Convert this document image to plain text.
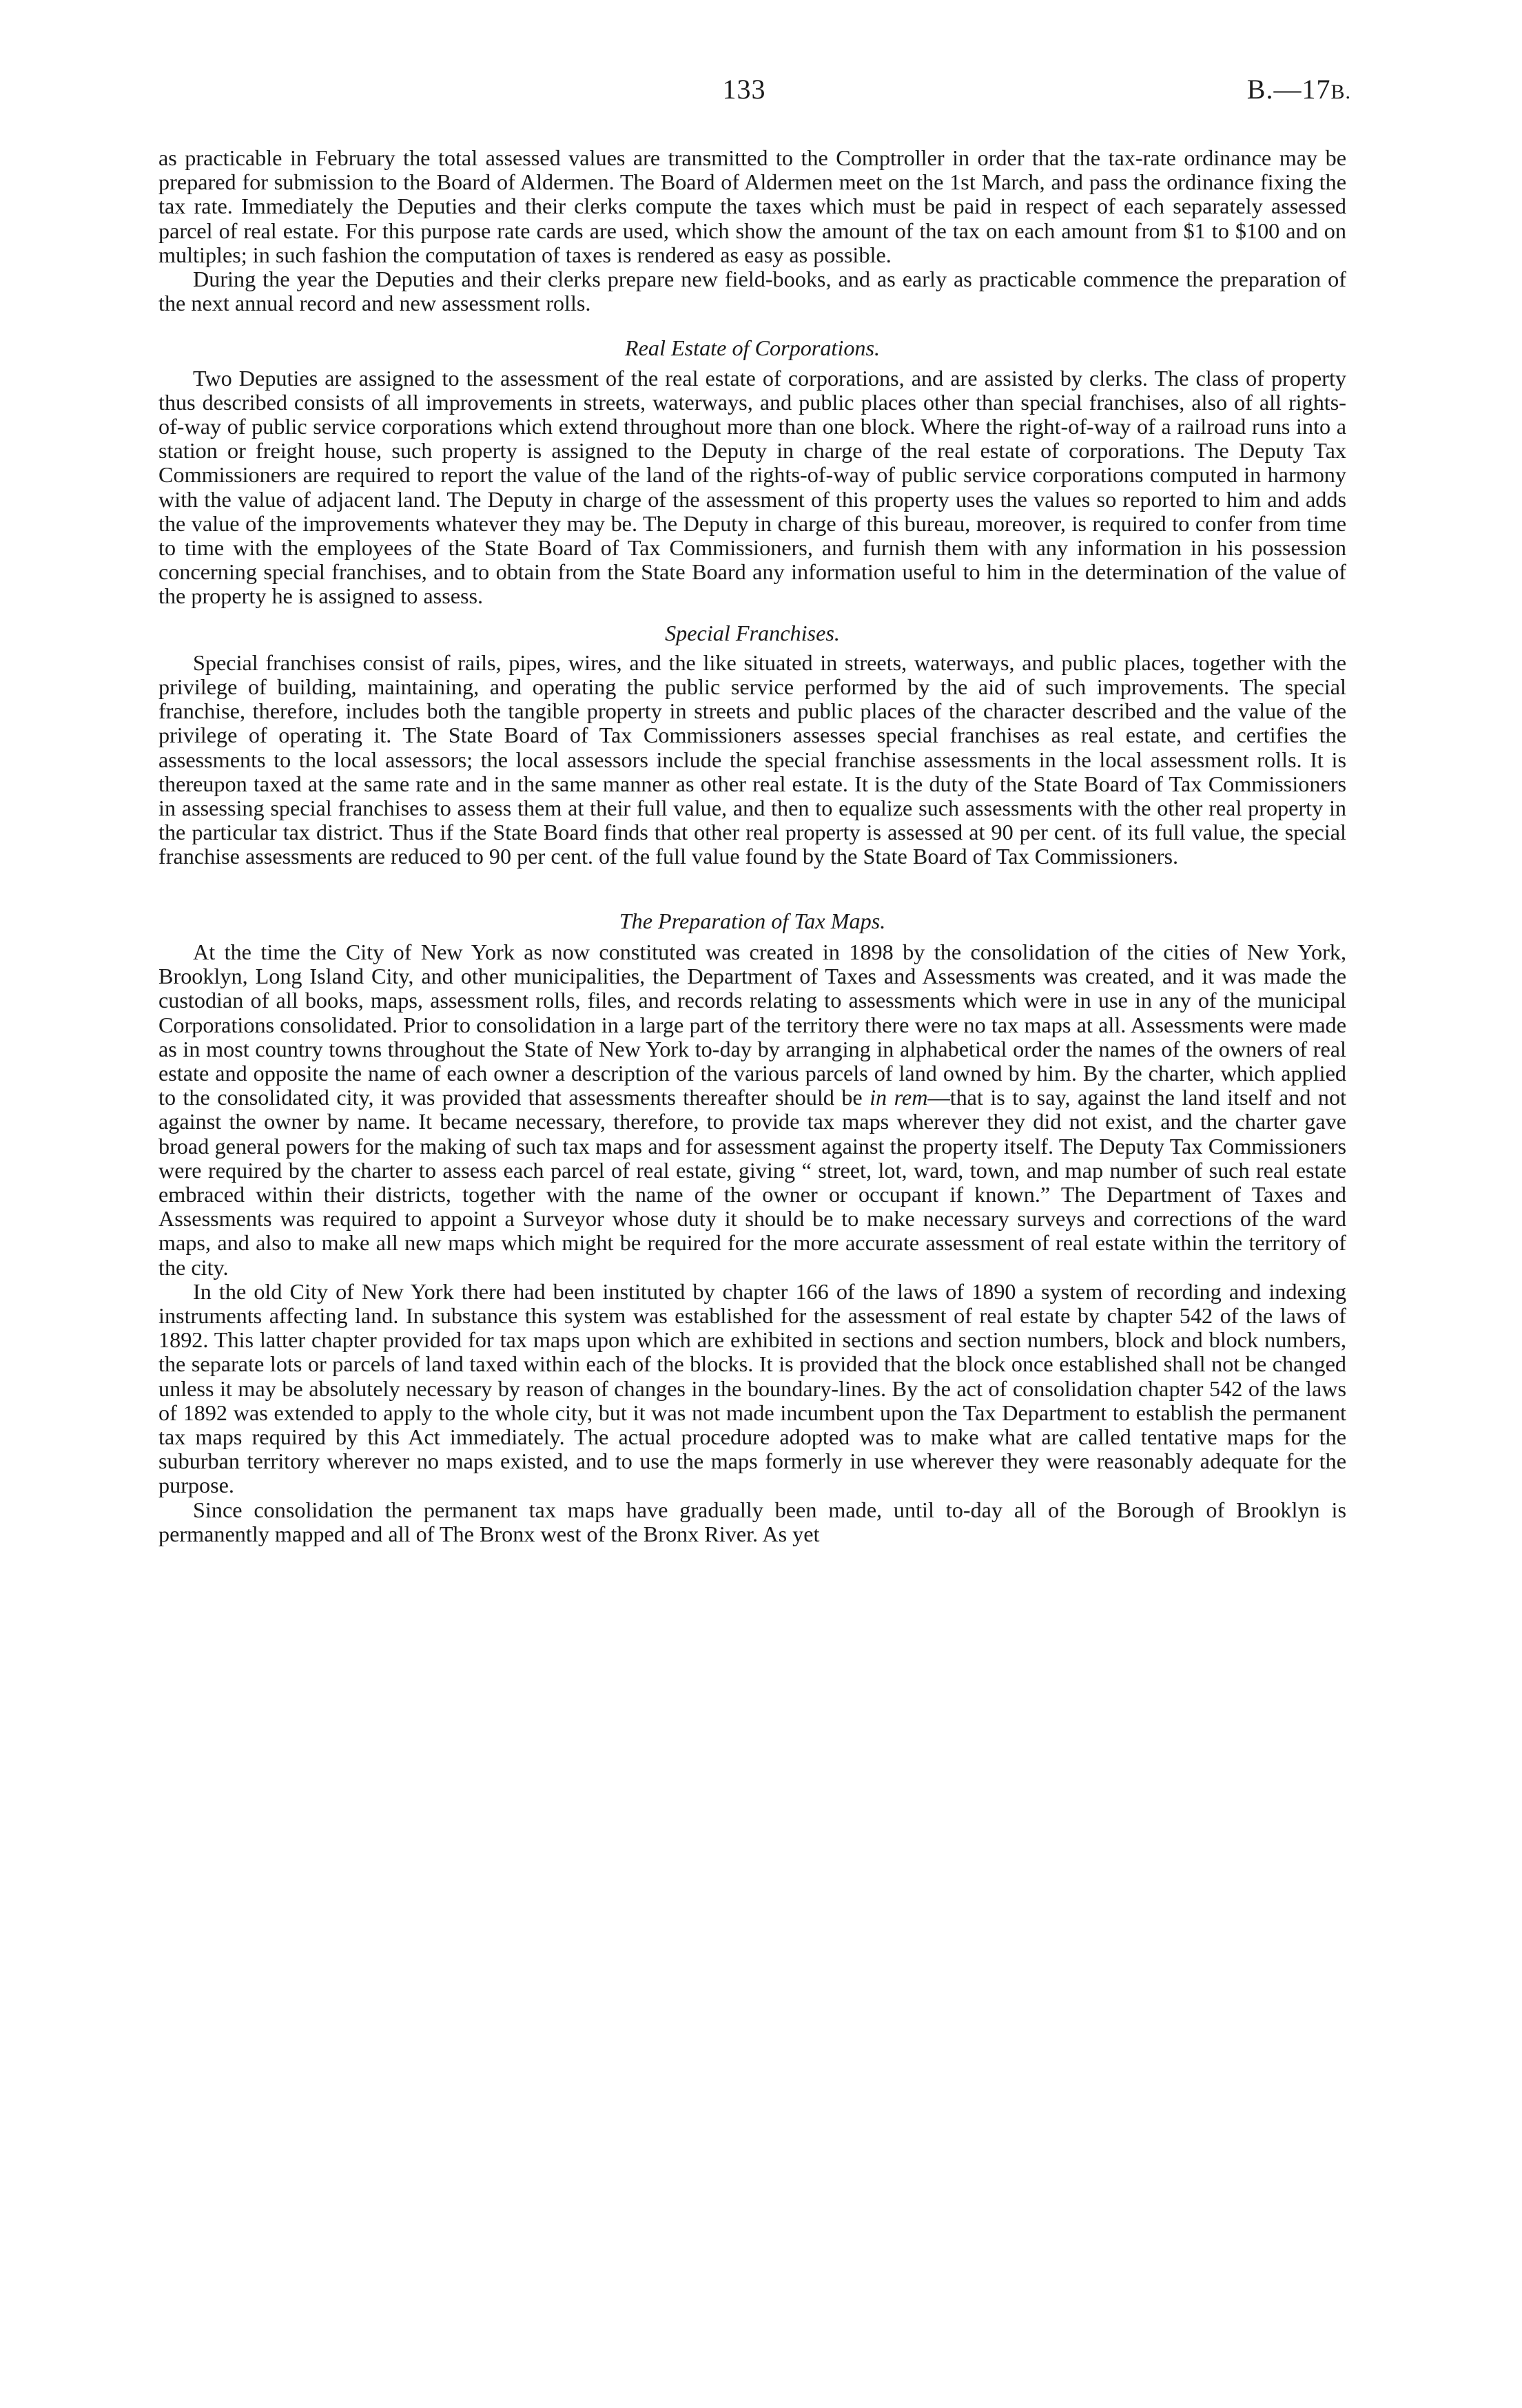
133	B.—17B.

as practicable in February the total assessed values are transmitted to the Comptroller in order that the tax-rate ordinance may be prepared for submission to the Board of Aldermen. The Board of Aldermen meet on the 1st March, and pass the ordinance fixing the tax rate. Immediately the Deputies and their clerks compute the taxes which must be paid in respect of each separately assessed parcel of real estate. For this purpose rate cards are used, which show the amount of the tax on each amount from $1 to $100 and on multiples; in such fashion the computation of taxes is rendered as easy as possible.

During the year the Deputies and their clerks prepare new field-books, and as early as practicable commence the preparation of the next annual record and new assessment rolls.

Real Estate of Corporations.

Two Deputies are assigned to the assessment of the real estate of corporations, and are assisted by clerks. The class of property thus described consists of all improvements in streets, waterways, and public places other than special franchises, also of all rights-of-way of public service corporations which extend throughout more than one block. Where the right-of-way of a railroad runs into a station or freight house, such property is assigned to the Deputy in charge of the real estate of corporations. The Deputy Tax Commissioners are required to report the value of the land of the rights-of-way of public service corporations computed in harmony with the value of adjacent land. The Deputy in charge of the assessment of this property uses the values so reported to him and adds the value of the improvements whatever they may be. The Deputy in charge of this bureau, moreover, is required to confer from time to time with the employees of the State Board of Tax Commissioners, and furnish them with any information in his possession concerning special franchises, and to obtain from the State Board any information useful to him in the determination of the value of the property he is assigned to assess.

Special Franchises.

Special franchises consist of rails, pipes, wires, and the like situated in streets, waterways, and public places, together with the privilege of building, maintaining, and operating the public service performed by the aid of such improvements. The special franchise, therefore, includes both the tangible property in streets and public places of the character described and the value of the privilege of operating it. The State Board of Tax Commissioners assesses special franchises as real estate, and certifies the assessments to the local assessors; the local assessors include the special franchise assessments in the local assessment rolls. It is thereupon taxed at the same rate and in the same manner as other real estate. It is the duty of the State Board of Tax Commissioners in assessing special franchises to assess them at their full value, and then to equalize such assessments with the other real property in the particular tax district. Thus if the State Board finds that other real property is assessed at 90 per cent. of its full value, the special franchise assessments are reduced to 90 per cent. of the full value found by the State Board of Tax Commissioners.

The Preparation of Tax Maps.

At the time the City of New York as now constituted was created in 1898 by the consolidation of the cities of New York, Brooklyn, Long Island City, and other municipalities, the Department of Taxes and Assessments was created, and it was made the custodian of all books, maps, assessment rolls, files, and records relating to assessments which were in use in any of the municipal Corporations consolidated. Prior to consolidation in a large part of the territory there were no tax maps at all. Assessments were made as in most country towns throughout the State of New York to-day by arranging in alphabetical order the names of the owners of real estate and opposite the name of each owner a description of the various parcels of land owned by him. By the charter, which applied to the consolidated city, it was provided that assessments thereafter should be in rem—that is to say, against the land itself and not against the owner by name. It became necessary, therefore, to provide tax maps wherever they did not exist, and the charter gave broad general powers for the making of such tax maps and for assessment against the property itself. The Deputy Tax Commissioners were required by the charter to assess each parcel of real estate, giving “ street, lot, ward, town, and map number of such real estate embraced within their districts, together with the name of the owner or occupant if known.” The Department of Taxes and Assessments was required to appoint a Surveyor whose duty it should be to make necessary surveys and corrections of the ward maps, and also to make all new maps which might be required for the more accurate assessment of real estate within the territory of the city.

In the old City of New York there had been instituted by chapter 166 of the laws of 1890 a system of recording and indexing instruments affecting land. In substance this system was established for the assessment of real estate by chapter 542 of the laws of 1892. This latter chapter provided for tax maps upon which are exhibited in sections and section numbers, block and block numbers, the separate lots or parcels of land taxed within each of the blocks. It is provided that the block once established shall not be changed unless it may be absolutely necessary by reason of changes in the boundary-lines. By the act of consolidation chapter 542 of the laws of 1892 was extended to apply to the whole city, but it was not made incumbent upon the Tax Department to establish the permanent tax maps required by this Act immediately. The actual procedure adopted was to make what are called tentative maps for the suburban territory wherever no maps existed, and to use the maps formerly in use wherever they were reasonably adequate for the purpose.

Since consolidation the permanent tax maps have gradually been made, until to-day all of the Borough of Brooklyn is permanently mapped and all of The Bronx west of the Bronx River. As yet
